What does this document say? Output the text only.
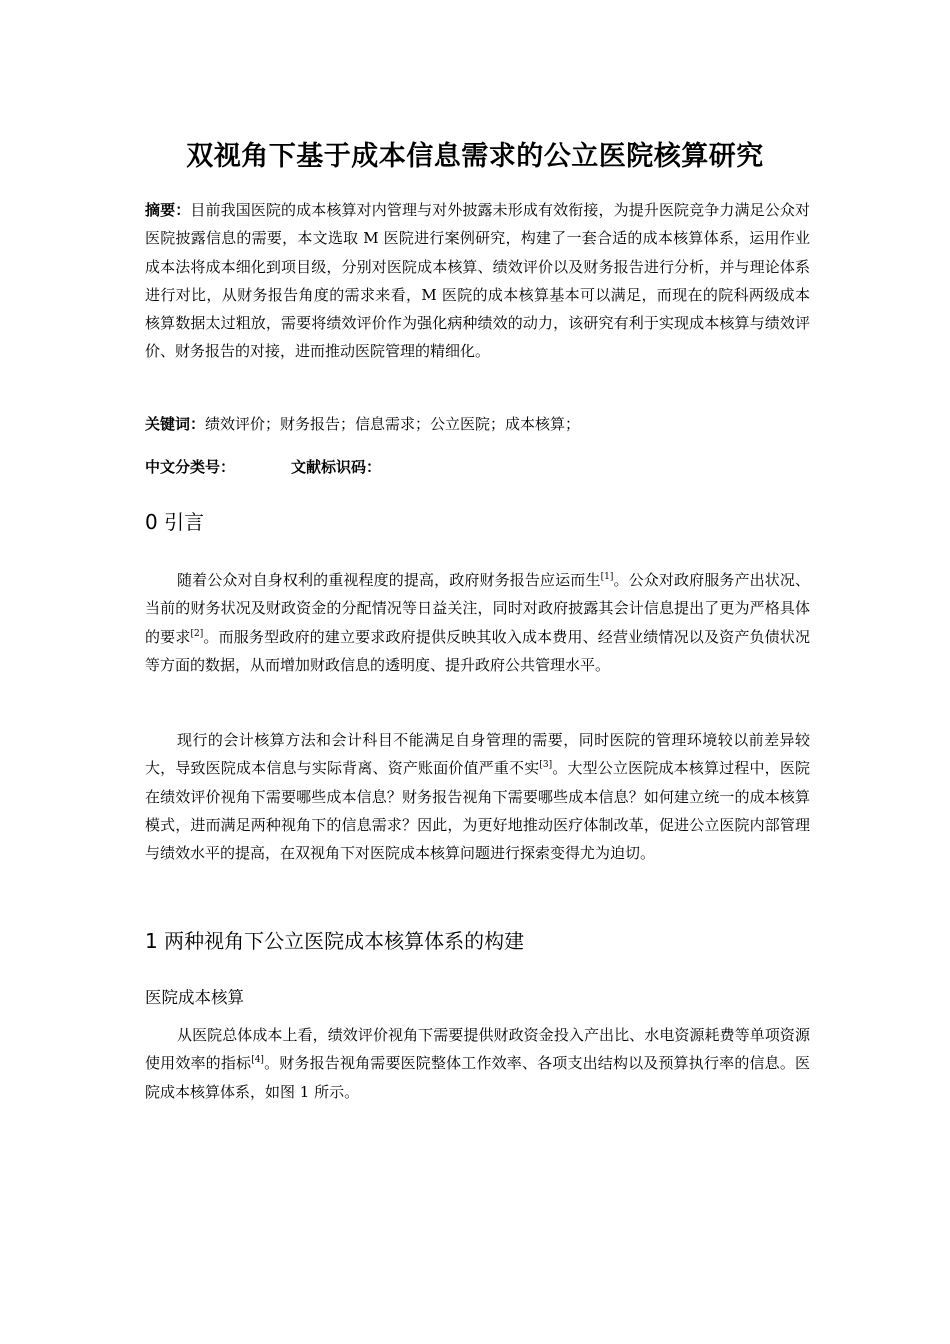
双视角下基于成本信息需求的公立医院核算研究

摘要：目前我国医院的成本核算对内管理与对外披露未形成有效衔接，为提升医院竞争力满足公众对医院披露信息的需要，本文选取 M 医院进行案例研究，构建了一套合适的成本核算体系，运用作业成本法将成本细化到项目级，分别对医院成本核算、绩效评价以及财务报告进行分析，并与理论体系进行对比，从财务报告角度的需求来看，M 医院的成本核算基本可以满足，而现在的院科两级成本核算数据太过粗放，需要将绩效评价作为强化病种绩效的动力，该研究有利于实现成本核算与绩效评价、财务报告的对接，进而推动医院管理的精细化。

关键词：绩效评价；财务报告；信息需求；公立医院；成本核算；

中文分类号：	文献标识码：

0 引言

随着公众对自身权利的重视程度的提高，政府财务报告应运而生[1]。公众对政府服务产出状况、当前的财务状况及财政资金的分配情况等日益关注，同时对政府披露其会计信息提出了更为严格具体的要求[2]。而服务型政府的建立要求政府提供反映其收入成本费用、经营业绩情况以及资产负债状况等方面的数据，从而增加财政信息的透明度、提升政府公共管理水平。

现行的会计核算方法和会计科目不能满足自身管理的需要，同时医院的管理环境较以前差异较大，导致医院成本信息与实际背离、资产账面价值严重不实[3]。大型公立医院成本核算过程中，医院在绩效评价视角下需要哪些成本信息？财务报告视角下需要哪些成本信息？如何建立统一的成本核算模式，进而满足两种视角下的信息需求？因此，为更好地推动医疗体制改革，促进公立医院内部管理与绩效水平的提高，在双视角下对医院成本核算问题进行探索变得尤为迫切。

1 两种视角下公立医院成本核算体系的构建
医院成本核算

从医院总体成本上看，绩效评价视角下需要提供财政资金投入产出比、水电资源耗费等单项资源使用效率的指标[4]。财务报告视角需要医院整体工作效率、各项支出结构以及预算执行率的信息。医院成本核算体系，如图 1 所示。
